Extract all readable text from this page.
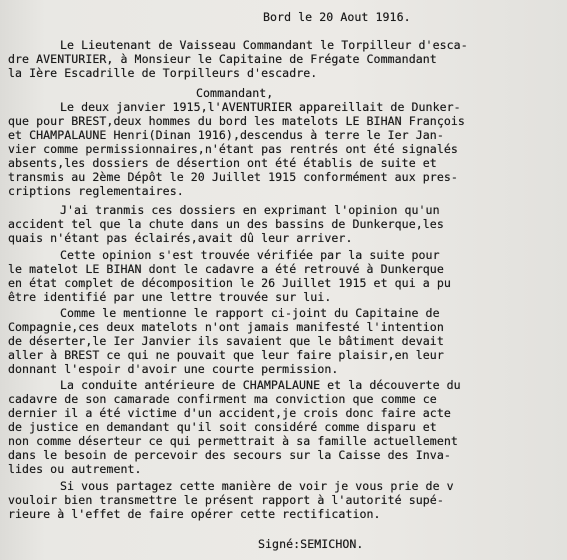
Bord le 20 Aout 1916.
Le Lieutenant de Vaisseau Commandant le Torpilleur d'esca-
dre AVENTURIER, à Monsieur le Capitaine de Frégate Commandant
la Ière Escadrille de Torpilleurs d'escadre.
Commandant,
Le deux janvier 1915,l'AVENTURIER appareillait de Dunker-
que pour BREST,deux hommes du bord les matelots LE BIHAN François
et CHAMPALAUNE Henri(Dinan 1916),descendus à terre le Ier Jan-
vier comme permissionnaires,n'étant pas rentrés ont été signalés
absents,les dossiers de désertion ont été établis de suite et
transmis au 2ème Dépôt le 20 Juillet 1915 conformément aux pres-
criptions reglementaires.
J'ai tranmis ces dossiers en exprimant l'opinion qu'un
accident tel que la chute dans un des bassins de Dunkerque,les
quais n'étant pas éclairés,avait dû leur arriver.
Cette opinion s'est trouvée vérifiée par la suite pour
le matelot LE BIHAN dont le cadavre a été retrouvé à Dunkerque
en état complet de décomposition le 26 Juillet 1915 et qui a pu
être identifié par une lettre trouvée sur lui.
Comme le mentionne le rapport ci-joint du Capitaine de
Compagnie,ces deux matelots n'ont jamais manifesté l'intention
de déserter,le Ier Janvier ils savaient que le bâtiment devait
aller à BREST ce qui ne pouvait que leur faire plaisir,en leur
donnant l'espoir d'avoir une courte permission.
La conduite antérieure de CHAMPALAUNE et la découverte du
cadavre de son camarade confirment ma conviction que comme ce
dernier il a été victime d'un accident,je crois donc faire acte
de justice en demandant qu'il soit considéré comme disparu et
non comme déserteur ce qui permettrait à sa famille actuellement
dans le besoin de percevoir des secours sur la Caisse des Inva-
lides ou autrement.
Si vous partagez cette manière de voir je vous prie de v
vouloir bien transmettre le présent rapport à l'autorité supé-
rieure à l'effet de faire opérer cette rectification.
Signé:SEMICHON.
